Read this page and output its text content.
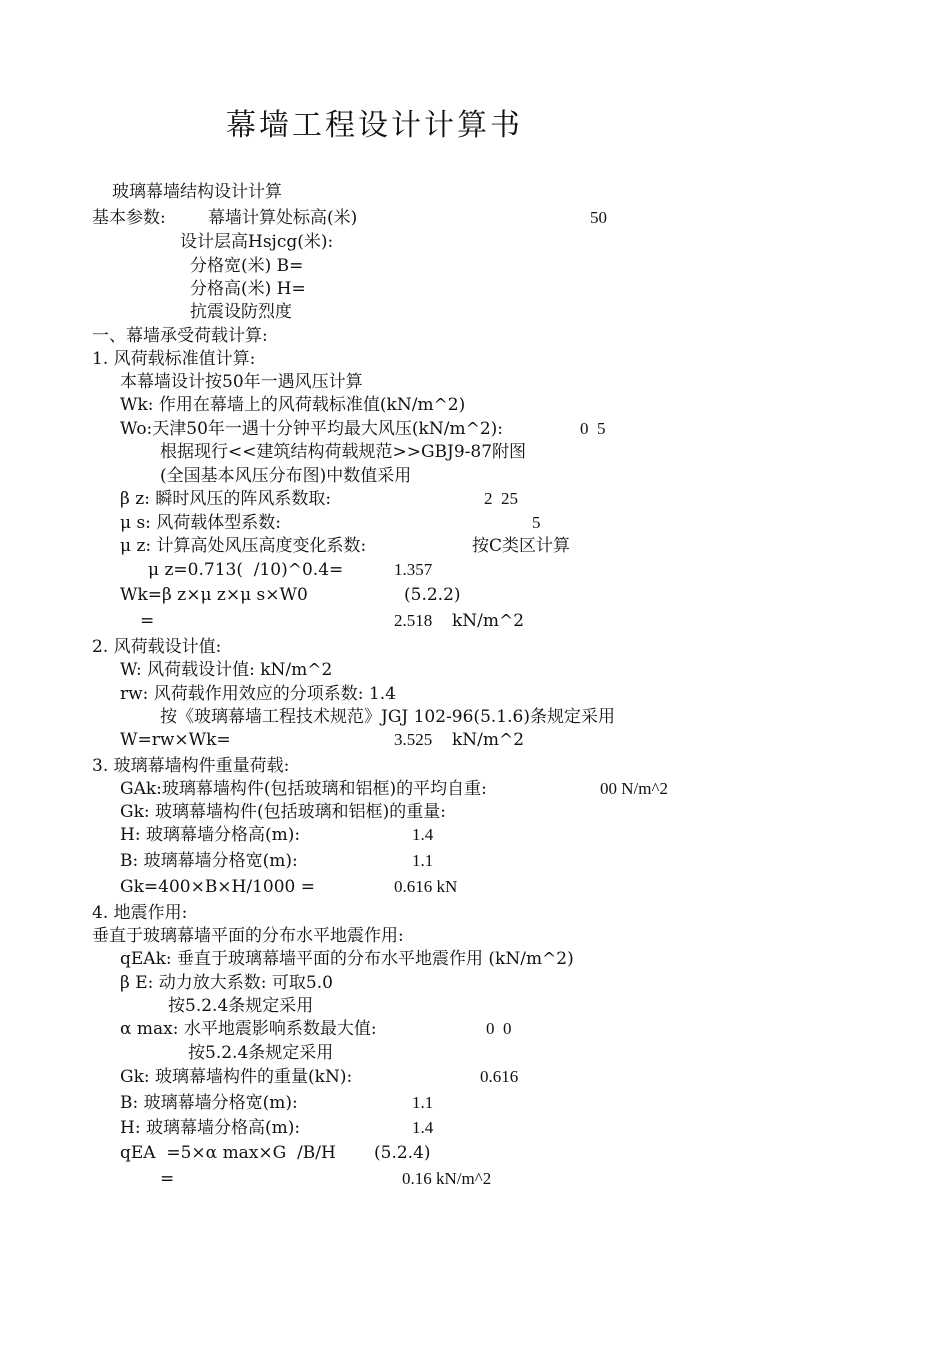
幕墙工程设计计算书
玻璃幕墙结构设计计算
基本参数: 幕墙计算处标高(米)	50
设计层高Hsjcg(米):
分格宽(米) B=
分格高(米) H=
抗震设防烈度
一、幕墙承受荷载计算:
1. 风荷载标准值计算:
本幕墙设计按50年一遇风压计算
Wk: 作用在幕墙上的风荷载标准值(kN/m^2)
Wo:天津50年一遇十分钟平均最大风压(kN/m^2):	0  5
根据现行<<建筑结构荷载规范>>GBJ9-87附图
(全国基本风压分布图)中数值采用
β z: 瞬时风压的阵风系数取:	2  25
μ s: 风荷载体型系数:	5
μ z: 计算高处风压高度变化系数:	按C类区计算
μ z=0.713(  /10)^0.4=	1.357
Wk=β z×μ z×μ s×W0	(5.2.2)
=	2.518 kN/m^2
2. 风荷载设计值:
W: 风荷载设计值: kN/m^2
rw: 风荷载作用效应的分项系数: 1.4
按《玻璃幕墙工程技术规范》JGJ 102-96(5.1.6)条规定采用
W=rw×Wk=	3.525 kN/m^2
3. 玻璃幕墙构件重量荷载:
GAk:玻璃幕墙构件(包括玻璃和铝框)的平均自重:	00 N/m^2
Gk: 玻璃幕墙构件(包括玻璃和铝框)的重量:
H: 玻璃幕墙分格高(m):	1.4
B: 玻璃幕墙分格宽(m):	1.1
Gk=400×B×H/1000 =	0.616 kN
4. 地震作用:
垂直于玻璃幕墙平面的分布水平地震作用:
qEAk: 垂直于玻璃幕墙平面的分布水平地震作用 (kN/m^2)
β E: 动力放大系数: 可取5.0
按5.2.4条规定采用
α max: 水平地震影响系数最大值:	0  0
按5.2.4条规定采用
Gk: 玻璃幕墙构件的重量(kN):	0.616
B: 玻璃幕墙分格宽(m):	1.1
H: 玻璃幕墙分格高(m):	1.4
qEA  =5×α max×G  /B/H (5.2.4)
=	0.16 kN/m^2
